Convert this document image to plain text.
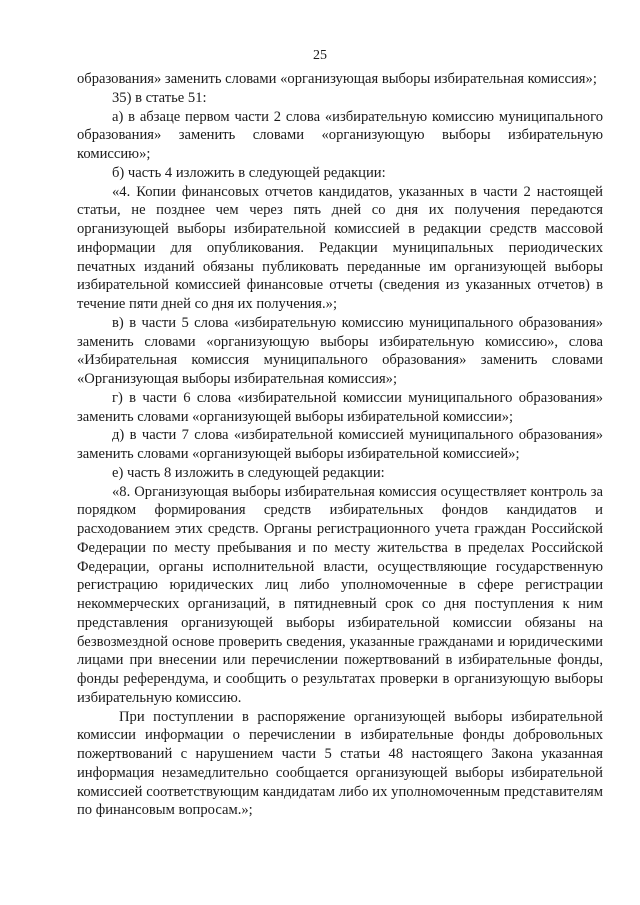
25

образования» заменить словами «организующая выборы избирательная комиссия»;

35) в статье 51:

а) в абзаце первом части 2 слова «избирательную комиссию муниципального образования» заменить словами «организующую выборы избирательную комиссию»;

б) часть 4 изложить в следующей редакции:

«4. Копии финансовых отчетов кандидатов, указанных в части 2 настоящей статьи, не позднее чем через пять дней со дня их получения передаются организующей выборы избирательной комиссией в редакции средств массовой информации для опубликования. Редакции муниципальных периодических печатных изданий обязаны публиковать переданные им организующей выборы избирательной комиссией финансовые отчеты (сведения из указанных отчетов) в течение пяти дней со дня их получения.»;

в) в части 5 слова «избирательную комиссию муниципального образования» заменить словами «организующую выборы избирательную комиссию», слова «Избирательная комиссия муниципального образования» заменить словами «Организующая выборы избирательная комиссия»;

г) в части 6 слова «избирательной комиссии муниципального образования» заменить словами «организующей выборы избирательной комиссии»;

д) в части 7 слова «избирательной комиссией муниципального образования» заменить словами «организующей выборы избирательной комиссией»;

е) часть 8 изложить в следующей редакции:

«8. Организующая выборы избирательная комиссия осуществляет контроль за порядком формирования средств избирательных фондов кандидатов и расходованием этих средств. Органы регистрационного учета граждан Российской Федерации по месту пребывания и по месту жительства в пределах Российской Федерации, органы исполнительной власти, осуществляющие государственную регистрацию юридических лиц либо уполномоченные в сфере регистрации некоммерческих организаций, в пятидневный срок со дня поступления к ним представления организующей выборы избирательной комиссии обязаны на безвозмездной основе проверить сведения, указанные гражданами и юридическими лицами при внесении или перечислении пожертвований в избирательные фонды, фонды референдума, и сообщить о результатах проверки в организующую выборы избирательную комиссию.

При поступлении в распоряжение организующей выборы избирательной комиссии информации о перечислении в избирательные фонды добровольных пожертвований с нарушением части 5 статьи 48 настоящего Закона указанная информация незамедлительно сообщается организующей выборы избирательной комиссией соответствующим кандидатам либо их уполномоченным представителям по финансовым вопросам.»;
